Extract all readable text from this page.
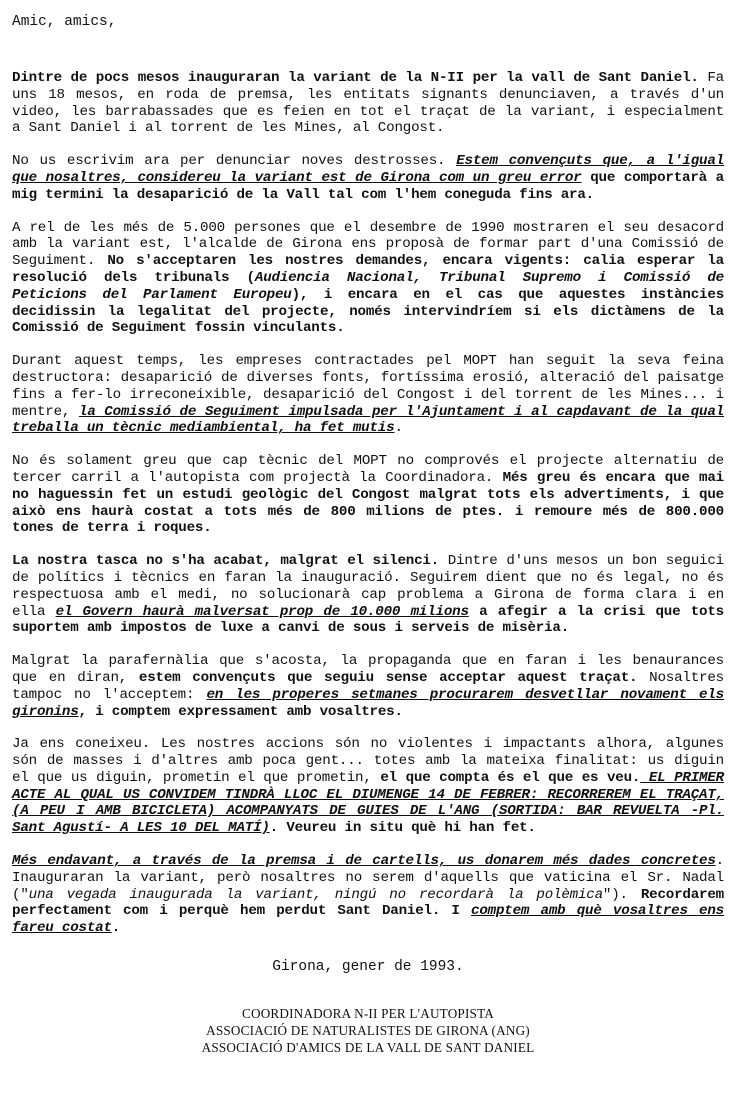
Amic, amics,

Dintre de pocs mesos inauguraran la variant de la N-II per la vall de Sant Daniel. Fa uns 18 mesos, en roda de premsa, les entitats signants denunciaven, a través d'un video, les barrabassades que es feien en tot el traçat de la variant, i especialment a Sant Daniel i al torrent de les Mines, al Congost.

No us escrivim ara per denunciar noves destrosses. Estem convençuts que, a l'igual que nosaltres, considereu la variant est de Girona com un greu error que comportarà a mig termini la desaparició de la Vall tal com l'hem coneguda fins ara.

A rel de les més de 5.000 persones que el desembre de 1990 mostraren el seu desacord amb la variant est, l'alcalde de Girona ens proposà de formar part d'una Comissió de Seguiment. No s'acceptaren les nostres demandes, encara vigents: calia esperar la resolució dels tribunals (Audiencia Nacional, Tribunal Supremo i Comissió de Peticions del Parlament Europeu), i encara en el cas que aquestes instàncies decidissin la legalitat del projecte, només intervindríem si els dictàmens de la Comissió de Seguiment fossin vinculants.

Durant aquest temps, les empreses contractades pel MOPT han seguit la seva feina destructora: desaparició de diverses fonts, fortíssima erosió, alteració del paisatge fins a fer-lo irreconeixible, desaparició del Congost i del torrent de les Mines... i mentre, la Comissió de Seguiment impulsada per l'Ajuntament i al capdavant de la qual treballa un tècnic mediambiental, ha fet mutis.

No és solament greu que cap tècnic del MOPT no comprovés el projecte alternatiu de tercer carril a l'autopista com projectà la Coordinadora. Més greu és encara que mai no haguessin fet un estudi geològic del Congost malgrat tots els advertiments, i que això ens haurà costat a tots més de 800 milions de ptes. i remoure més de 800.000 tones de terra i roques.

La nostra tasca no s'ha acabat, malgrat el silenci. Dintre d'uns mesos un bon seguici de polítics i tècnics en faran la inauguració. Seguirem dient que no és legal, no és respectuosa amb el medi, no solucionarà cap problema a Girona de forma clara i en ella el Govern haurà malversat prop de 10.000 milions a afegir a la crisi que tots suportem amb impostos de luxe a canvi de sous i serveis de misèria.

Malgrat la parafernàlia que s'acosta, la propaganda que en faran i les benaurances que en diran, estem convençuts que seguiu sense acceptar aquest traçat. Nosaltres tampoc no l'acceptem: en les properes setmanes procurarem desvetllar novament els gironins, i comptem expressament amb vosaltres.

Ja ens coneixeu. Les nostres accions són no violentes i impactants alhora, algunes són de masses i d'altres amb poca gent... totes amb la mateixa finalitat: us diguin el que us diguin, prometin el que prometin, el que compta és el que es veu. EL PRIMER ACTE AL QUAL US CONVIDEM TINDRÀ LLOC EL DIUMENGE 14 DE FEBRER: RECORREREM EL TRAÇAT, (A PEU I AMB BICICLETA) ACOMPANYATS DE GUIES DE L'ANG (SORTIDA: BAR REVUELTA -Pl. Sant Agustí- A LES 10 DEL MATÍ). Veureu in situ què hi han fet.

Més endavant, a través de la premsa i de cartells, us donarem més dades concretes. Inauguraran la variant, però nosaltres no serem d'aquells que vaticina el Sr. Nadal ("una vegada inaugurada la variant, ningú no recordarà la polèmica"). Recordarem perfectament com i perquè hem perdut Sant Daniel. I comptem amb què vosaltres ens fareu costat.

Girona, gener de 1993.
COORDINADORA N-II PER L'AUTOPISTA
ASSOCIACIÓ DE NATURALISTES DE GIRONA (ANG)
ASSOCIACIÓ D'AMICS DE LA VALL DE SANT DANIEL
